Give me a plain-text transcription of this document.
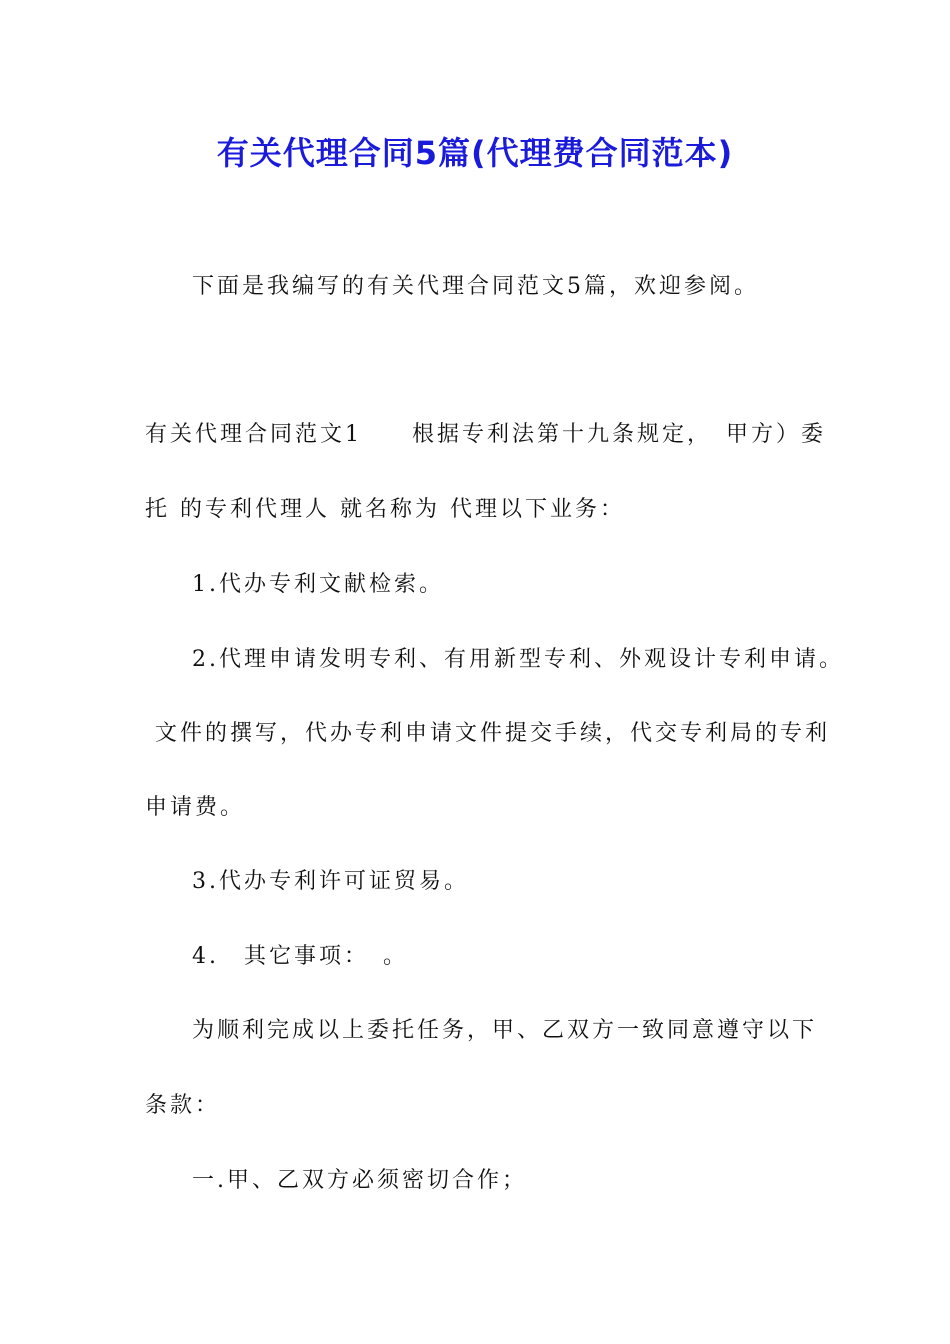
有关代理合同5篇(代理费合同范本)
下面是我编写的有关代理合同范文5篇，欢迎参阅。
有关代理合同范文1　　根据专利法第十九条规定，　甲方）委
托 的专利代理人 就名称为 代理以下业务：
1.代办专利文献检索。
2.代理申请发明专利、有用新型专利、外观设计专利申请。
文件的撰写，代办专利申请文件提交手续，代交专利局的专利
申请费。
3.代办专利许可证贸易。
4.　其它事项：　。
为顺利完成以上委托任务，甲、乙双方一致同意遵守以下
条款：
一.甲、乙双方必须密切合作；
